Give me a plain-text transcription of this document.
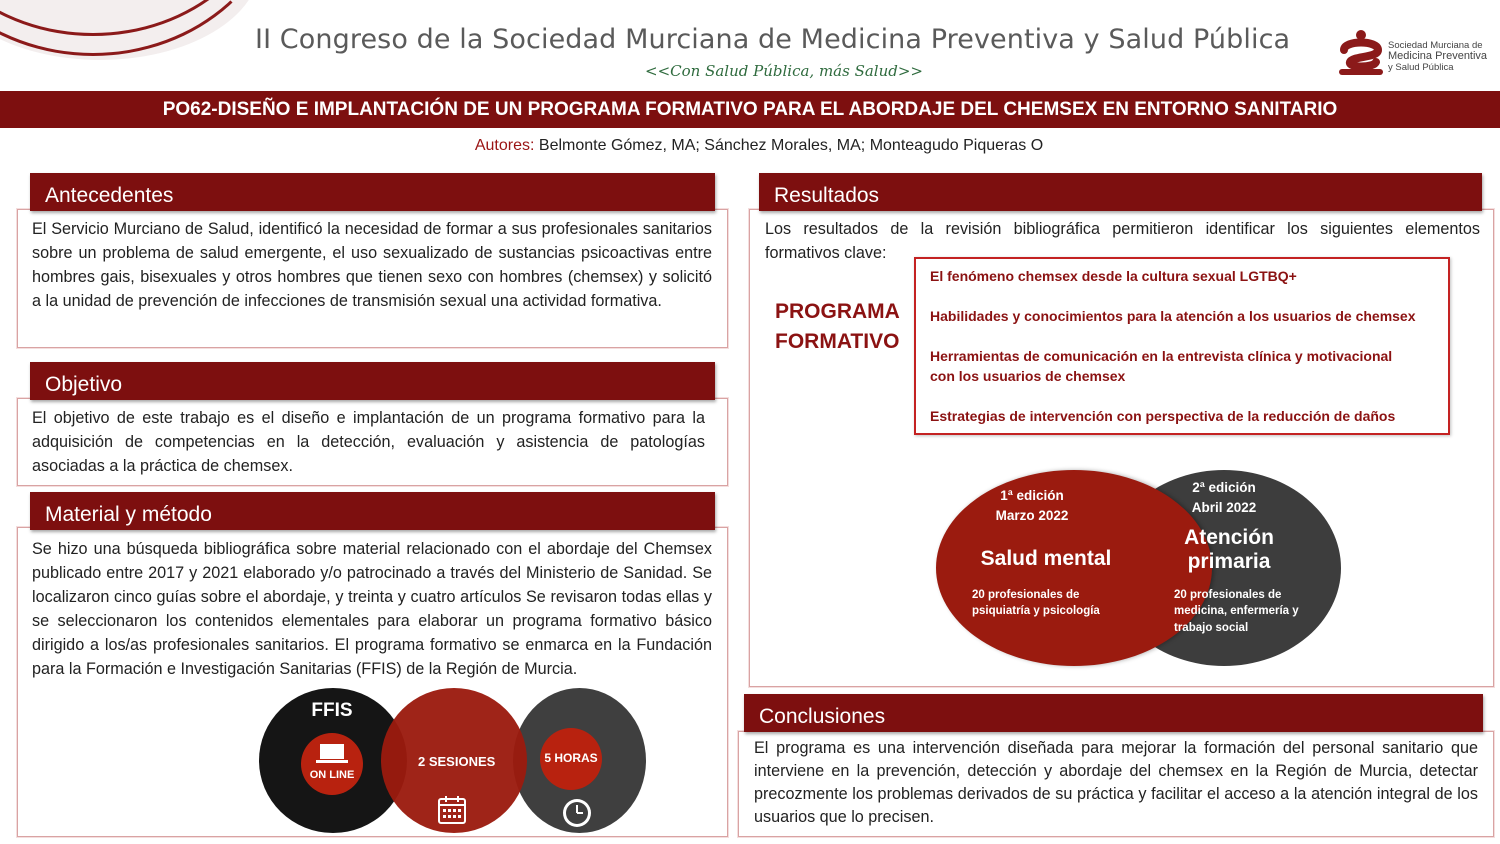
II Congreso de la Sociedad Murciana de Medicina Preventiva y Salud Pública
<<Con Salud Pública, más Salud>>
Sociedad Murciana de
Medicina Preventiva
y Salud Pública
PO62-DISEÑO E IMPLANTACIÓN DE UN PROGRAMA FORMATIVO PARA EL ABORDAJE DEL CHEMSEX EN ENTORNO SANITARIO
Autores: Belmonte Gómez, MA; Sánchez Morales, MA; Monteagudo Piqueras O
Antecedentes
El Servicio Murciano de Salud, identificó la necesidad de formar a sus profesionales sanitarios sobre un problema de salud emergente, el uso sexualizado de sustancias psicoactivas entre hombres gais, bisexuales y otros hombres que tienen sexo con hombres (chemsex) y solicitó a la unidad de prevención de infecciones de transmisión sexual una actividad formativa.
Objetivo
El objetivo de este trabajo es el diseño e implantación de un programa formativo para la adquisición de competencias en la detección, evaluación y asistencia de patologías asociadas a la práctica de chemsex.
Material y método
Se hizo una búsqueda bibliográfica sobre material relacionado con el abordaje del Chemsex publicado entre 2017 y 2021 elaborado y/o patrocinado a través del Ministerio de Sanidad. Se localizaron cinco guías sobre el abordaje, y treinta y cuatro artículos Se revisaron todas ellas y se seleccionaron los contenidos elementales para elaborar un programa formativo básico dirigido a los/as profesionales sanitarios. El programa formativo se enmarca en la Fundación para la Formación e Investigación Sanitarias (FFIS) de la Región de Murcia.
FFIS
ON LINE
2 SESIONES	5 HORAS
Resultados
Los resultados de la revisión bibliográfica permitieron identificar los siguientes elementos formativos clave:
PROGRAMA
FORMATIVO
El fenómeno chemsex desde la cultura sexual LGTBQ+
Habilidades y conocimientos para la atención a los usuarios de chemsex
Herramientas de comunicación en la entrevista clínica y motivacional
con los usuarios de chemsex
Estrategias de intervención con perspectiva de la reducción de daños
1ª edición
Marzo 2022
Salud mental
20 profesionales de
psiquiatría y psicología
2ª edición
Abril 2022
Atención
primaria
20 profesionales de
medicina, enfermería y
trabajo social
Conclusiones
El programa es una intervención diseñada para mejorar la formación del personal sanitario que interviene en la prevención, detección y abordaje del chemsex en la Región de Murcia, detectar precozmente los problemas derivados de su práctica y facilitar el acceso a la atención integral de los usuarios que lo precisen.
